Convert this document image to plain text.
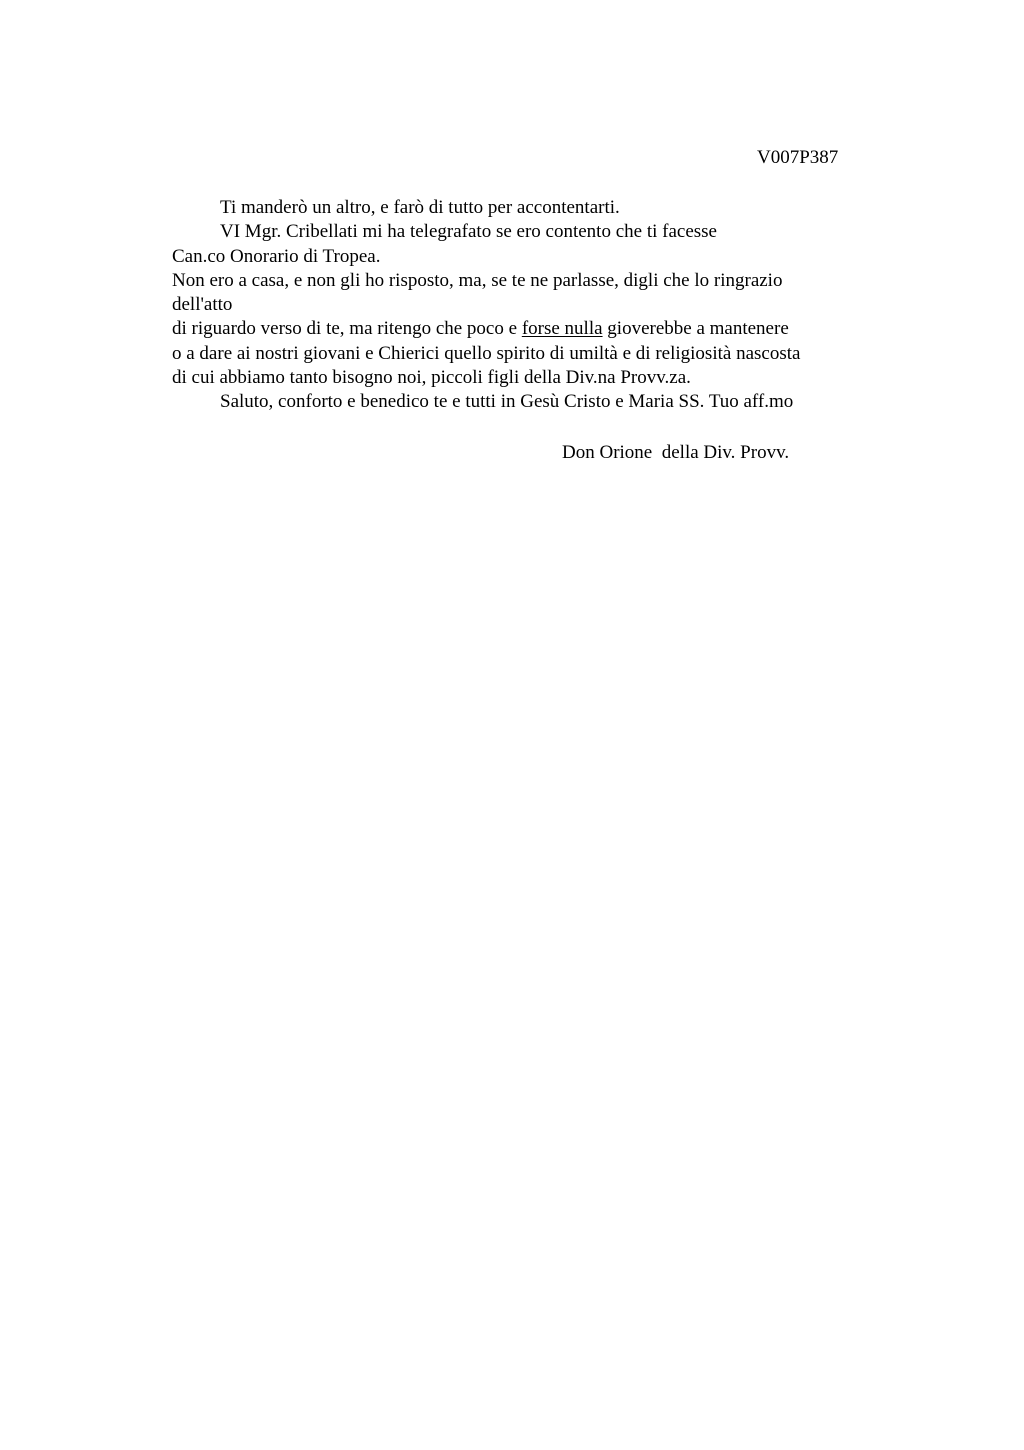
V007P387
Ti manderò un altro, e farò di tutto per accontentarti.
VI Mgr. Cribellati mi ha telegrafato se ero contento che ti facesse
Can.co Onorario di Tropea.
Non ero a casa, e non gli ho risposto, ma, se te ne parlasse, digli che lo ringrazio
dell'atto
di riguardo verso di te, ma ritengo che poco e forse nulla gioverebbe a mantenere
o a dare ai nostri giovani e Chierici quello spirito di umiltà e di religiosità nascosta
di cui abbiamo tanto bisogno noi, piccoli figli della Div.na Provv.za.
Saluto, conforto e benedico te e tutti in Gesù Cristo e Maria SS. Tuo aff.mo
Don Orione  della Div. Provv.
